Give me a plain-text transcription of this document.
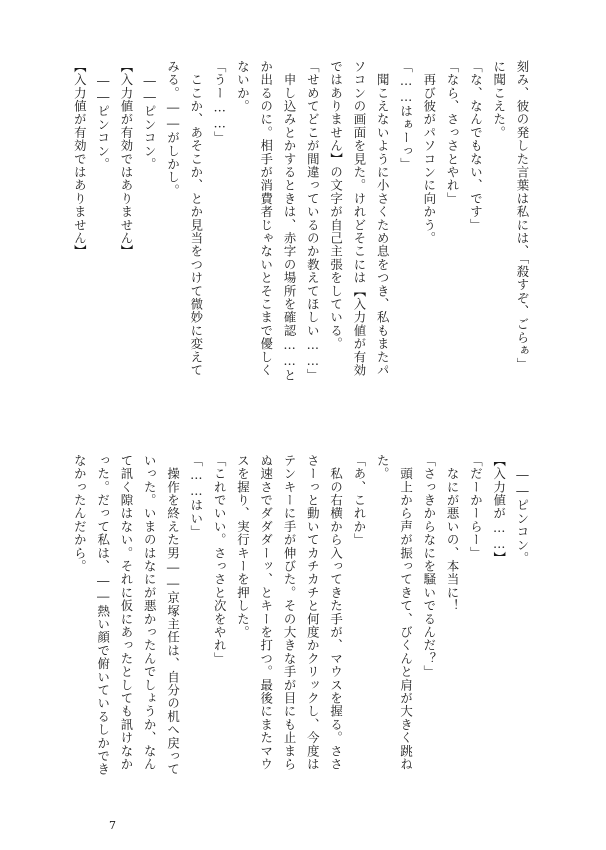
刻み、彼の発した言葉は私には、「殺すぞ、ごらぁ」
に聞こえた。
「な、なんでもない、です」
「なら、さっさとやれ」
　再び彼がパソコンに向かう。
「……はぁーっ」
　聞こえないように小さくため息をつき、私もまたパ
ソコンの画面を見た。けれどそこには【入力値が有効
ではありません】の文字が自己主張をしている。
「せめてどこが間違っているのか教えてほしい……」
　申し込みとかするときは、赤字の場所を確認……と
か出るのに。相手が消費者じゃないとそこまで優しく
ないか。
「うー……」
　ここか、あそこか、とか見当をつけて微妙に変えて
みる。――がしかし。
　――ピンコン。
【入力値が有効ではありません】
　――ピンコン。
【入力値が有効ではありません】
　――ピンコン。
【入力値が……】
「だーかーらー」
　なにが悪いの、本当に！
「さっきからなにを騒いでるんだ？」
　頭上から声が振ってきて、びくんと肩が大きく跳ね
た。
「あ、これか」
　私の右横から入ってきた手が、マウスを握る。ささ
さーっと動いてカチカチと何度かクリックし、今度は
テンキーに手が伸びた。その大きな手が目にも止まら
ぬ速さでダダダーッ、とキーを打つ。最後にまたマウ
スを握り、実行キーを押した。
「これでいい。さっさと次をやれ」
「……はい」
　操作を終えた男――京塚主任は、自分の机へ戻って
いった。いまのはなにが悪かったんでしょうか、なん
て訊く隙はない。それに仮にあったとしても訊けなか
った。だって私は、――熱い顔で俯いているしかでき
なかったんだから。
7
